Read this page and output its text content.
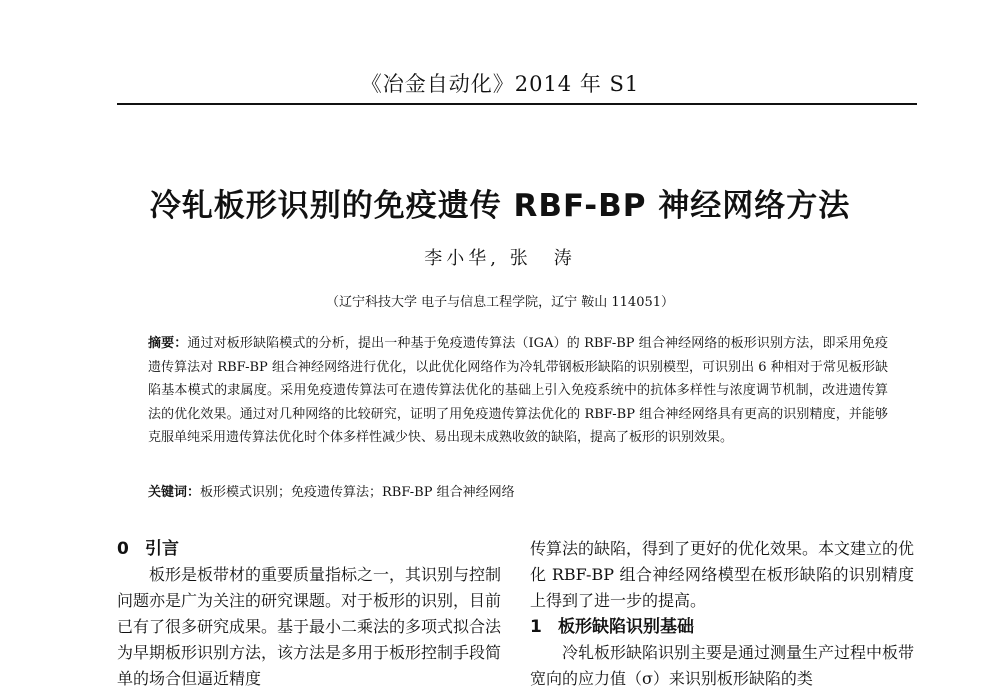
《冶金自动化》2014 年 S1
冷轧板形识别的免疫遗传 RBF-BP 神经网络方法
李小华, 张　涛
（辽宁科技大学 电子与信息工程学院，辽宁 鞍山 114051）
摘要：通过对板形缺陷模式的分析，提出一种基于免疫遗传算法（IGA）的 RBF-BP 组合神经网络的板形识别方法，即采用免疫遗传算法对 RBF-BP 组合神经网络进行优化，以此优化网络作为冷轧带钢板形缺陷的识别模型，可识别出 6 种相对于常见板形缺陷基本模式的隶属度。采用免疫遗传算法可在遗传算法优化的基础上引入免疫系统中的抗体多样性与浓度调节机制，改进遗传算法的优化效果。通过对几种网络的比较研究，证明了用免疫遗传算法优化的 RBF-BP 组合神经网络具有更高的识别精度，并能够克服单纯采用遗传算法优化时个体多样性减少快、易出现未成熟收敛的缺陷，提高了板形的识别效果。
关键词：板形模式识别；免疫遗传算法；RBF-BP 组合神经网络
0 引言
板形是板带材的重要质量指标之一，其识别与控制问题亦是广为关注的研究课题。对于板形的识别，目前已有了很多研究成果。基于最小二乘法的多项式拟合法为早期板形识别方法，该方法是多用于板形控制手段简单的场合但逼近精度
传算法的缺陷，得到了更好的优化效果。本文建立的优化 RBF-BP 组合神经网络模型在板形缺陷的识别精度上得到了进一步的提高。
1 板形缺陷识别基础
冷轧板形缺陷识别主要是通过测量生产过程中板带宽向的应力值（σ）来识别板形缺陷的类
